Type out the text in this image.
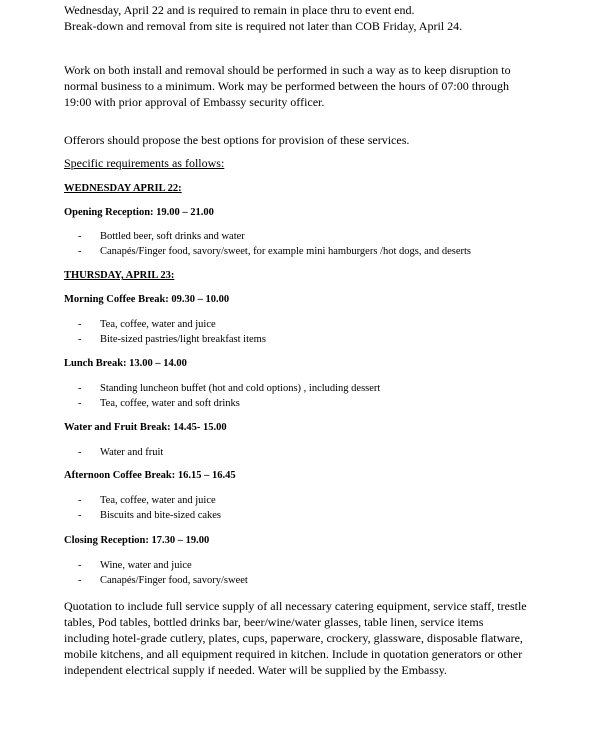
Wednesday, April 22 and is required to remain in place thru to event end.
Break-down and removal from site is required not later than COB Friday, April 24.

Work on both install and removal should be performed in such a way as to keep disruption to
normal business to a minimum. Work may be performed between the hours of 07:00 through
19:00 with prior approval of Embassy security officer.

Offerors should propose the best options for provision of these services.

Specific requirements as follows:

WEDNESDAY APRIL 22:

Opening Reception: 19.00 – 21.00

- Bottled beer, soft drinks and water
- Canapés/Finger food, savory/sweet, for example mini hamburgers /hot dogs, and deserts

THURSDAY, APRIL 23:

Morning Coffee Break: 09.30 – 10.00

- Tea, coffee, water and juice
- Bite-sized pastries/light breakfast items

Lunch Break: 13.00 – 14.00

- Standing luncheon buffet (hot and cold options) , including dessert
- Tea, coffee, water and soft drinks

Water and Fruit Break: 14.45- 15.00

- Water and fruit

Afternoon Coffee Break: 16.15 – 16.45

- Tea, coffee, water and juice
- Biscuits and bite-sized cakes

Closing Reception: 17.30 – 19.00

- Wine, water and juice
- Canapés/Finger food, savory/sweet

Quotation to include full service supply of all necessary catering equipment, service staff, trestle
tables, Pod tables, bottled drinks bar, beer/wine/water glasses, table linen, service items
including hotel-grade cutlery, plates, cups, paperware, crockery, glassware, disposable flatware,
mobile kitchens, and all equipment required in kitchen. Include in quotation generators or other
independent electrical supply if needed. Water will be supplied by the Embassy.
